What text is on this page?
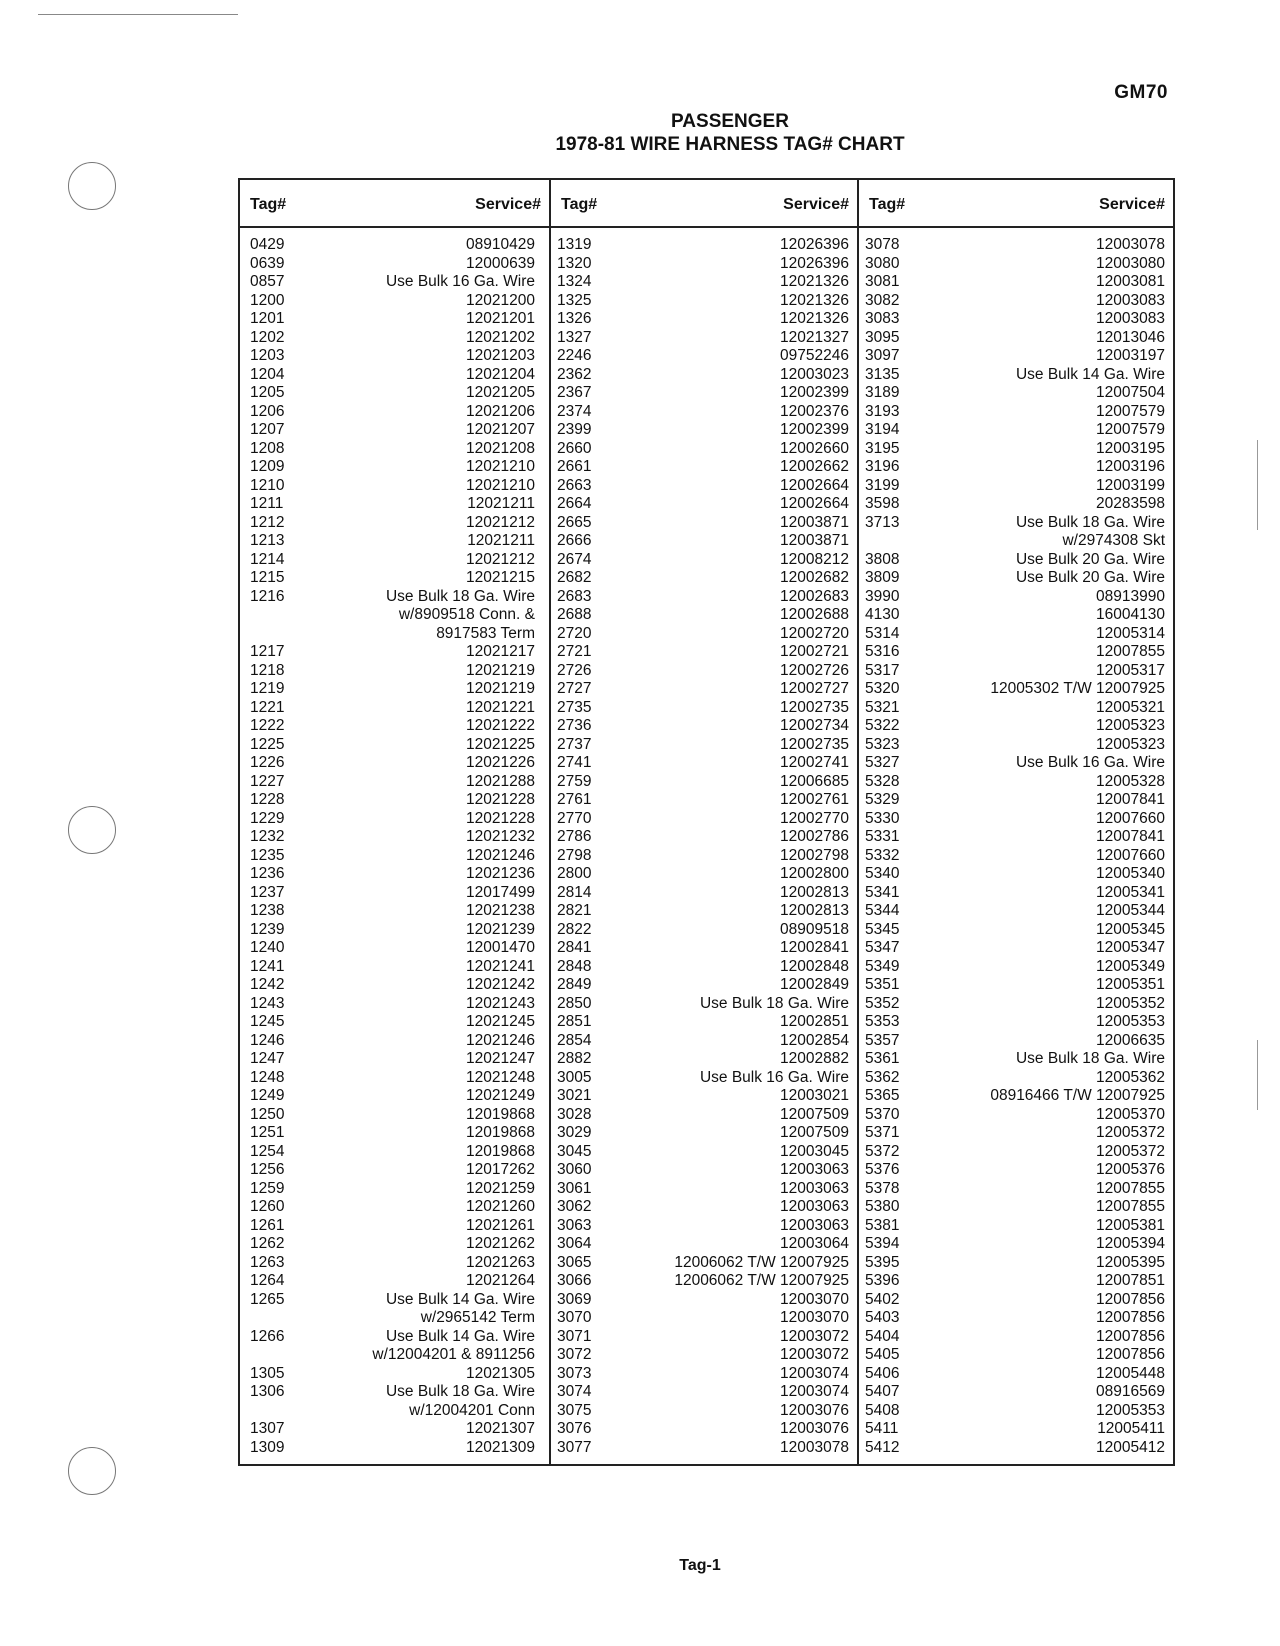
GM70
PASSENGER
1978-81 WIRE HARNESS TAG# CHART
Tag#	Service#
0429	08910429
0639	12000639
0857	Use Bulk 16 Ga. Wire
1200	12021200
1201	12021201
1202	12021202
1203	12021203
1204	12021204
1205	12021205
1206	12021206
1207	12021207
1208	12021208
1209	12021210
1210	12021210
1211	12021211
1212	12021212
1213	12021211
1214	12021212
1215	12021215
1216	Use Bulk 18 Ga. Wire
w/8909518 Conn. &
8917583 Term
1217	12021217
1218	12021219
1219	12021219
1221	12021221
1222	12021222
1225	12021225
1226	12021226
1227	12021288
1228	12021228
1229	12021228
1232	12021232
1235	12021246
1236	12021236
1237	12017499
1238	12021238
1239	12021239
1240	12001470
1241	12021241
1242	12021242
1243	12021243
1245	12021245
1246	12021246
1247	12021247
1248	12021248
1249	12021249
1250	12019868
1251	12019868
1254	12019868
1256	12017262
1259	12021259
1260	12021260
1261	12021261
1262	12021262
1263	12021263
1264	12021264
1265	Use Bulk 14 Ga. Wire
w/2965142 Term
1266	Use Bulk 14 Ga. Wire
w/12004201 & 8911256
1305	12021305
1306	Use Bulk 18 Ga. Wire
w/12004201 Conn
1307	12021307
1309	12021309
Tag#	Service#
1319	12026396
1320	12026396
1324	12021326
1325	12021326
1326	12021326
1327	12021327
2246	09752246
2362	12003023
2367	12002399
2374	12002376
2399	12002399
2660	12002660
2661	12002662
2663	12002664
2664	12002664
2665	12003871
2666	12003871
2674	12008212
2682	12002682
2683	12002683
2688	12002688
2720	12002720
2721	12002721
2726	12002726
2727	12002727
2735	12002735
2736	12002734
2737	12002735
2741	12002741
2759	12006685
2761	12002761
2770	12002770
2786	12002786
2798	12002798
2800	12002800
2814	12002813
2821	12002813
2822	08909518
2841	12002841
2848	12002848
2849	12002849
2850	Use Bulk 18 Ga. Wire
2851	12002851
2854	12002854
2882	12002882
3005	Use Bulk 16 Ga. Wire
3021	12003021
3028	12007509
3029	12007509
3045	12003045
3060	12003063
3061	12003063
3062	12003063
3063	12003063
3064	12003064
3065	12006062 T/W 12007925
3066	12006062 T/W 12007925
3069	12003070
3070	12003070
3071	12003072
3072	12003072
3073	12003074
3074	12003074
3075	12003076
3076	12003076
3077	12003078
Tag#	Service#
3078	12003078
3080	12003080
3081	12003081
3082	12003083
3083	12003083
3095	12013046
3097	12003197
3135	Use Bulk 14 Ga. Wire
3189	12007504
3193	12007579
3194	12007579
3195	12003195
3196	12003196
3199	12003199
3598	20283598
3713	Use Bulk 18 Ga. Wire
w/2974308 Skt
3808	Use Bulk 20 Ga. Wire
3809	Use Bulk 20 Ga. Wire
3990	08913990
4130	16004130
5314	12005314
5316	12007855
5317	12005317
5320	12005302 T/W 12007925
5321	12005321
5322	12005323
5323	12005323
5327	Use Bulk 16 Ga. Wire
5328	12005328
5329	12007841
5330	12007660
5331	12007841
5332	12007660
5340	12005340
5341	12005341
5344	12005344
5345	12005345
5347	12005347
5349	12005349
5351	12005351
5352	12005352
5353	12005353
5357	12006635
5361	Use Bulk 18 Ga. Wire
5362	12005362
5365	08916466 T/W 12007925
5370	12005370
5371	12005372
5372	12005372
5376	12005376
5378	12007855
5380	12007855
5381	12005381
5394	12005394
5395	12005395
5396	12007851
5402	12007856
5403	12007856
5404	12007856
5405	12007856
5406	12005448
5407	08916569
5408	12005353
5411	12005411
5412	12005412
Tag-1
